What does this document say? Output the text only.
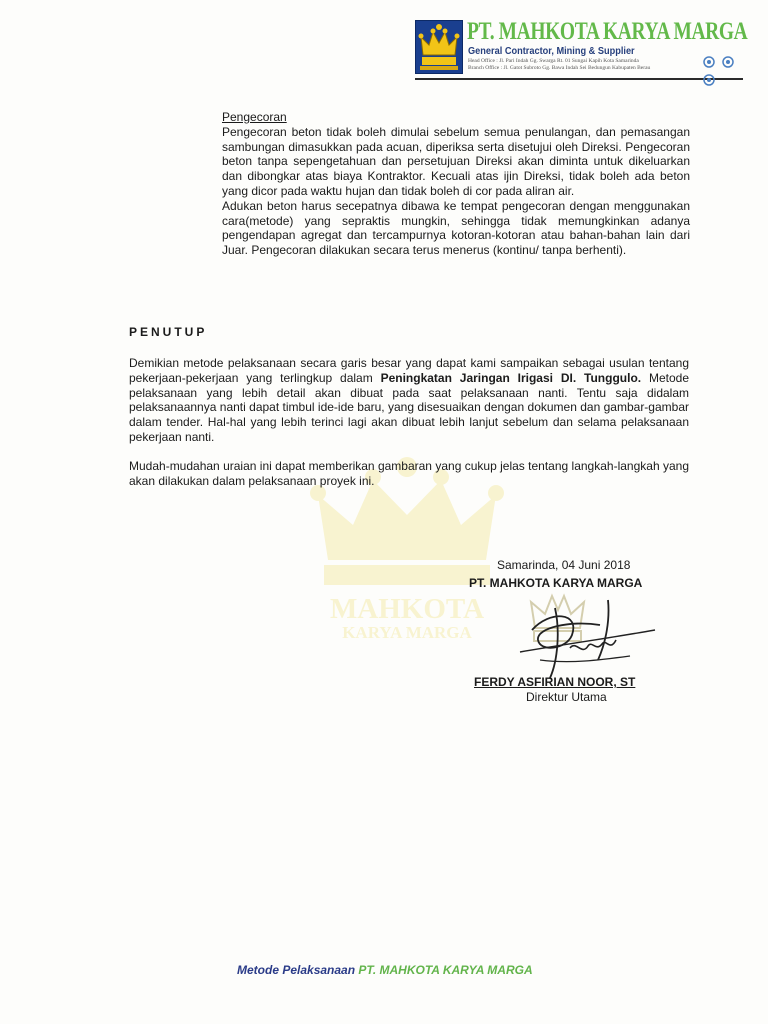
PT. MAHKOTA KARYA MARGA
General Contractor, Mining & Supplier
Head Office : Jl. Pari Indah Gg. Swarga Rt. 01 Sungai Kapih Kota Samarinda
Branch Office : Jl. Gatot Subroto Gg. Bawa Indah Sei Bedungun Kabupaten Berau

MAHKOTA
KARYA MARGA
Pengecoran
Pengecoran beton tidak boleh dimulai sebelum semua penulangan, dan pemasangan sambungan dimasukkan pada acuan, diperiksa serta disetujui oleh Direksi. Pengecoran beton tanpa sepengetahuan dan persetujuan Direksi akan diminta untuk dikeluarkan dan dibongkar atas biaya Kontraktor. Kecuali atas ijin Direksi, tidak boleh ada beton yang dicor pada waktu hujan dan tidak boleh di cor pada aliran air.
Adukan beton harus secepatnya dibawa ke tempat pengecoran dengan menggunakan cara(metode) yang sepraktis mungkin, sehingga tidak memungkinkan adanya pengendapan agregat dan tercampurnya kotoran-kotoran atau bahan-bahan lain dari Juar. Pengecoran dilakukan secara terus menerus (kontinu/ tanpa berhenti).
PENUTUP
Demikian metode pelaksanaan secara garis besar yang dapat kami sampaikan sebagai usulan tentang pekerjaan-pekerjaan yang terlingkup dalam Peningkatan Jaringan Irigasi DI. Tunggulo. Metode pelaksanaan yang lebih detail akan dibuat pada saat pelaksanaan nanti. Tentu saja didalam pelaksanaannya nanti dapat timbul ide-ide baru, yang disesuaikan dengan dokumen dan gambar-gambar dalam tender. Hal-hal yang lebih terinci lagi akan dibuat lebih lanjut sebelum dan selama pelaksanaan pekerjaan nanti.
Mudah-mudahan uraian ini dapat memberikan gambaran yang cukup jelas tentang langkah-langkah yang akan dilakukan dalam pelaksanaan proyek ini.
Samarinda, 04 Juni 2018
PT. MAHKOTA KARYA MARGA
FERDY ASFIRIAN NOOR, ST
Direktur Utama
Metode Pelaksanaan PT. MAHKOTA KARYA MARGA
